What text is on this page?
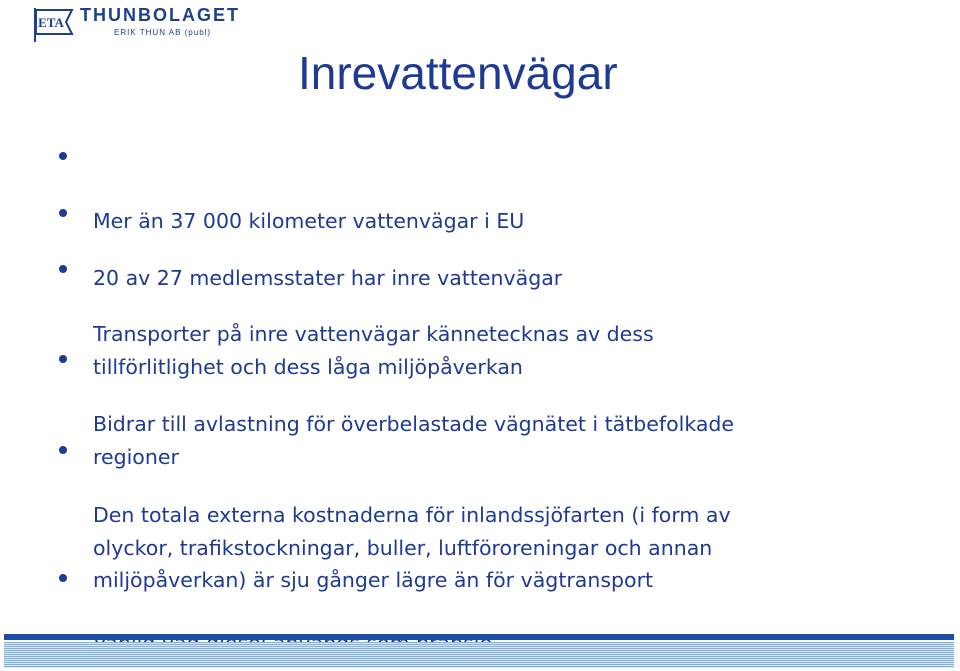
ETA THUNBOLAGET
ERIK THUN AB (publ)
Inrevattenvägar

Mer än 37 000 kilometer vattenvägar i EU

20 av 27 medlemsstater har inre vattenvägar

Transporter på inre vattenvägar kännetecknas av dess
tillförlitlighet och dess låga miljöpåverkan

Bidrar till avlastning för överbelastade vägnätet i tätbefolkade
regioner

Den totala externa kostnaderna för inlandssjöfarten (i form av
olyckor, trafikstockningar, buller, luftföroreningar och annan
miljöpåverkan) är sju gånger lägre än för vägtransport
